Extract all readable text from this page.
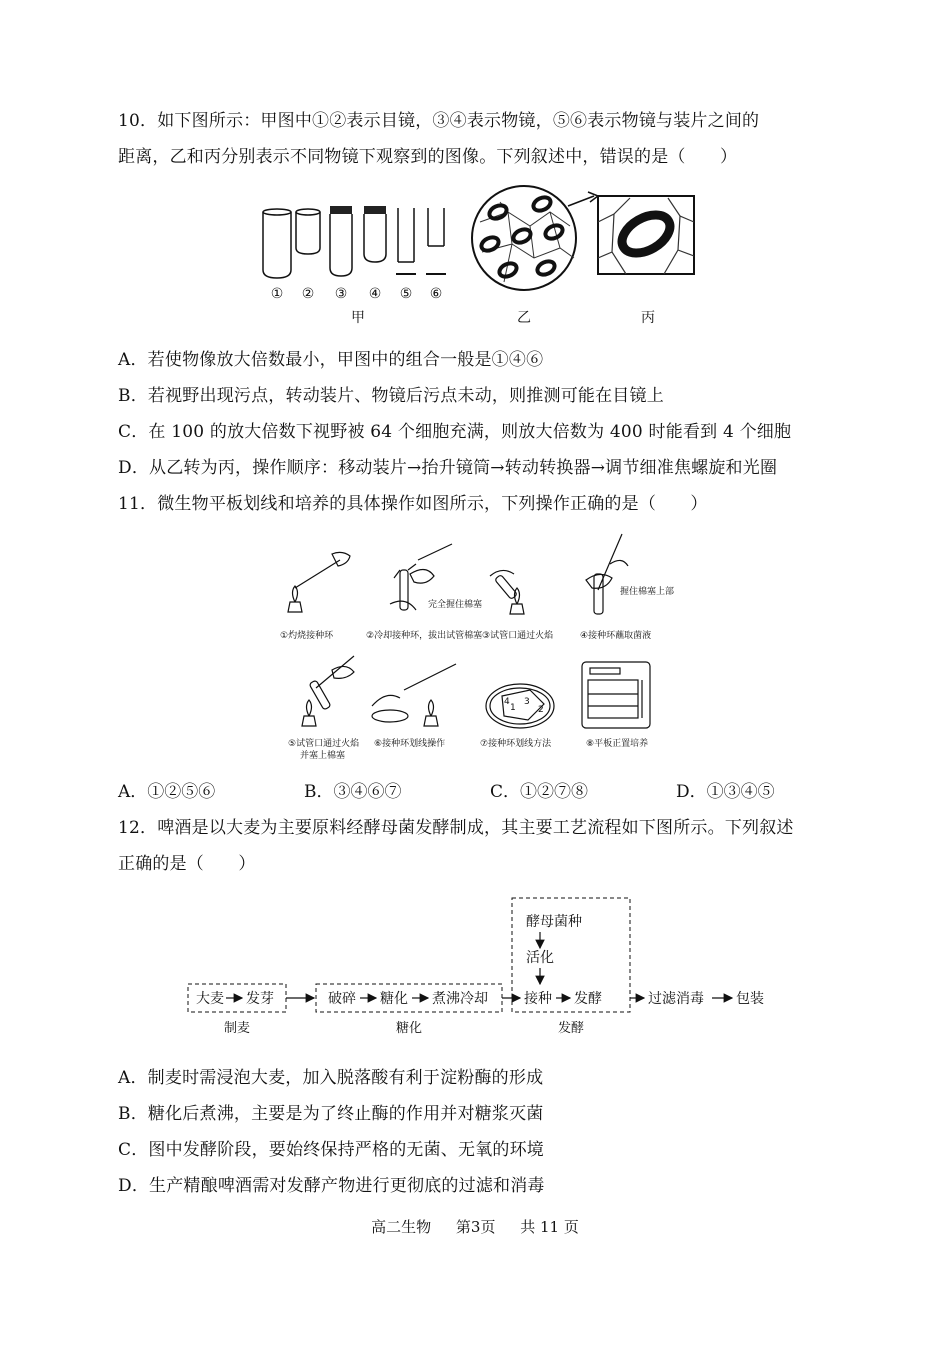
10．如下图所示：甲图中①②表示目镜，③④表示物镜，⑤⑥表示物镜与装片之间的
距离，乙和丙分别表示不同物镜下观察到的图像。下列叙述中，错误的是（　　）
① ② ③ ④ ⑤ ⑥
甲	乙	丙
A．若使物像放大倍数最小，甲图中的组合一般是①④⑥
B．若视野出现污点，转动装片、物镜后污点未动，则推测可能在目镜上
C．在 100 的放大倍数下视野被 64 个细胞充满，则放大倍数为 400 时能看到 4 个细胞
D．从乙转为丙，操作顺序：移动装片→抬升镜筒→转动转换器→调节细准焦螺旋和光圈
11．微生物平板划线和培养的具体操作如图所示，下列操作正确的是（　　）
完全握住棉塞
握住棉塞上部
①灼烧接种环	②冷却接种环，拔出试管棉塞 ③试管口通过火焰	④接种环蘸取菌液
1
4 3
2
⑤试管口通过火焰
并塞上棉塞
⑥接种环划线操作	⑦接种环划线方法	⑧平板正置培养
A．①②⑤⑥	B．③④⑥⑦	C．①②⑦⑧	D．①③④⑤
12．啤酒是以大麦为主要原料经酵母菌发酵制成，其主要工艺流程如下图所示。下列叙述
正确的是（　　）
大麦 发芽	破碎 糖化 煮沸冷却	接种 发酵	过滤消毒 包装
酵母菌种
活化
制麦	糖化	发酵
A．制麦时需浸泡大麦，加入脱落酸有利于淀粉酶的形成
B．糖化后煮沸，主要是为了终止酶的作用并对糖浆灭菌
C．图中发酵阶段，要始终保持严格的无菌、无氧的环境
D．生产精酿啤酒需对发酵产物进行更彻底的过滤和消毒
高二生物 第3页 共 11 页
